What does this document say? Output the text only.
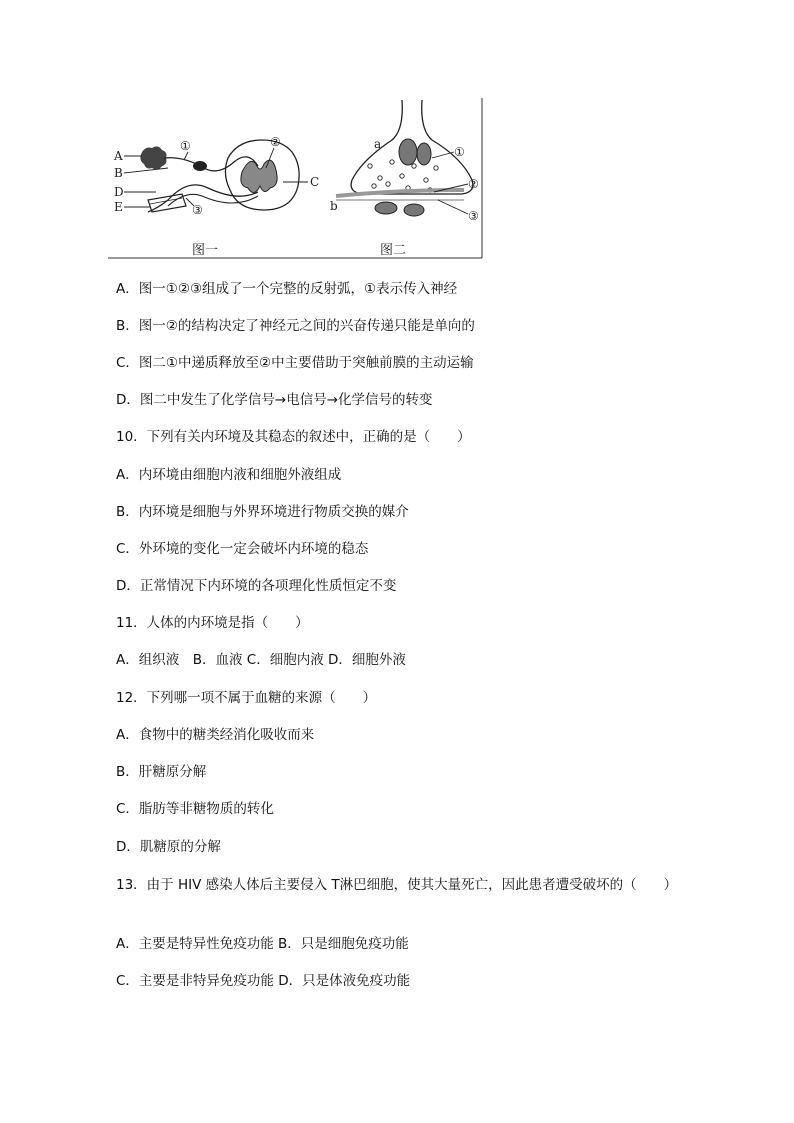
A
B
D
E
C
①	②
③
图一
a
b
①
②
③
图二
A．图一①②③组成了一个完整的反射弧，①表示传入神经
B．图一②的结构决定了神经元之间的兴奋传递只能是单向的
C．图二①中递质释放至②中主要借助于突触前膜的主动运输
D．图二中发生了化学信号→电信号→化学信号的转变
10．下列有关内环境及其稳态的叙述中，正确的是（　　）
A．内环境由细胞内液和细胞外液组成
B．内环境是细胞与外界环境进行物质交换的媒介
C．外环境的变化一定会破坏内环境的稳态
D．正常情况下内环境的各项理化性质恒定不变
11．人体的内环境是指（　　）
A．组织液　B．血液 C．细胞内液 D．细胞外液
12．下列哪一项不属于血糖的来源（　　）
A．食物中的糖类经消化吸收而来
B．肝糖原分解
C．脂肪等非糖物质的转化
D．肌糖原的分解
13．由于 HIV 感染人体后主要侵入 T淋巴细胞，使其大量死亡，因此患者遭受破坏的（　　）
A．主要是特异性免疫功能 B．只是细胞免疫功能
C．主要是非特异免疫功能 D．只是体液免疫功能
